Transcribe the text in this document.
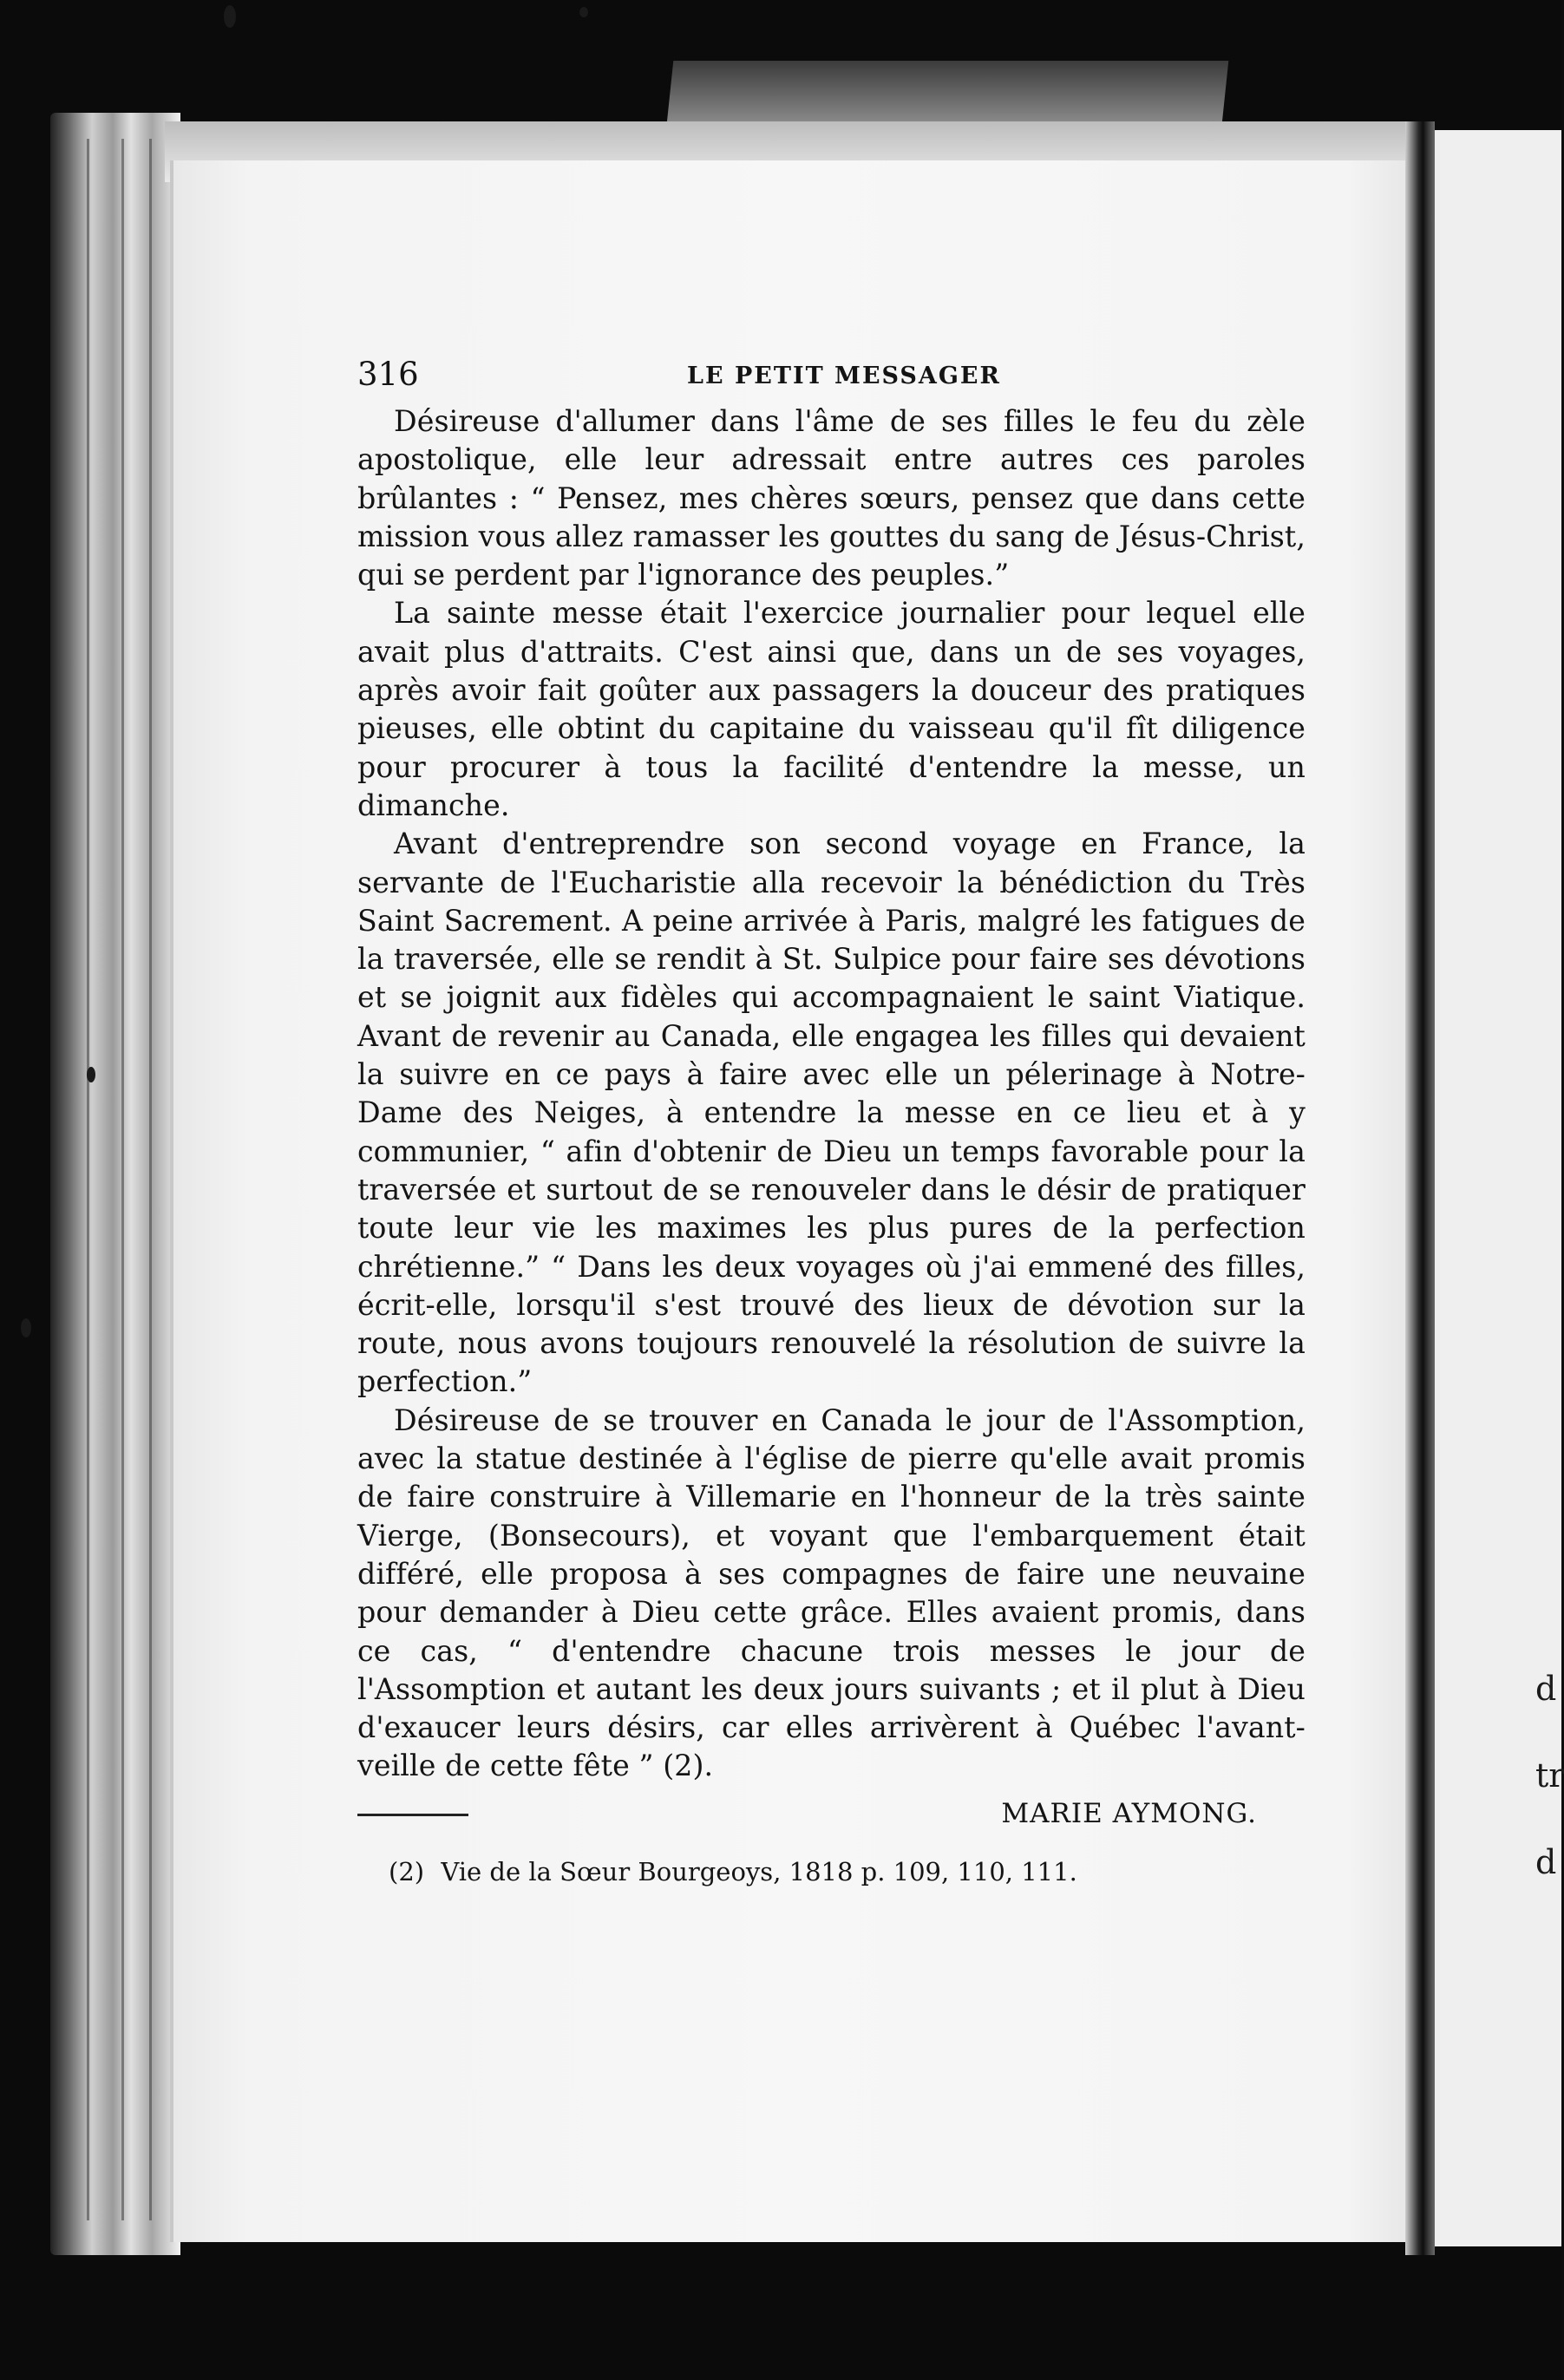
d
tr
d
316	LE PETIT MESSAGER

Désireuse d'allumer dans l'âme de ses filles le feu du zèle apostolique, elle leur adressait entre autres ces paroles brûlantes : “ Pensez, mes chères sœurs, pensez que dans cette mission vous allez ramasser les gouttes du sang de Jésus-Christ, qui se perdent par l'ignorance des peuples.”

La sainte messe était l'exercice journalier pour lequel elle avait plus d'attraits. C'est ainsi que, dans un de ses voyages, après avoir fait goûter aux passagers la douceur des pratiques pieuses, elle obtint du capitaine du vaisseau qu'il fît diligence pour procurer à tous la facilité d'entendre la messe, un dimanche.

Avant d'entreprendre son second voyage en France, la servante de l'Eucharistie alla recevoir la bénédiction du Très Saint Sacrement. A peine arrivée à Paris, malgré les fatigues de la traversée, elle se rendit à St. Sulpice pour faire ses dévotions et se joignit aux fidèles qui accompagnaient le saint Viatique. Avant de revenir au Canada, elle engagea les filles qui devaient la suivre en ce pays à faire avec elle un pélerinage à Notre-Dame des Neiges, à entendre la messe en ce lieu et à y communier, “ afin d'obtenir de Dieu un temps favorable pour la traversée et surtout de se renouveler dans le désir de pratiquer toute leur vie les maximes les plus pures de la perfection chrétienne.” “ Dans les deux voyages où j'ai emmené des filles, écrit-elle, lorsqu'il s'est trouvé des lieux de dévotion sur la route, nous avons toujours renouvelé la résolution de suivre la perfection.”

Désireuse de se trouver en Canada le jour de l'Assomption, avec la statue destinée à l'église de pierre qu'elle avait promis de faire construire à Villemarie en l'honneur de la très sainte Vierge, (Bonsecours), et voyant que l'embarquement était différé, elle proposa à ses compagnes de faire une neuvaine pour demander à Dieu cette grâce. Elles avaient promis, dans ce cas, “ d'entendre chacune trois messes le jour de l'Assomption et autant les deux jours suivants ; et il plut à Dieu d'exaucer leurs désirs, car elles arrivèrent à Québec l'avant-veille de cette fête ” (2).

MARIE AYMONG.

(2) Vie de la Sœur Bourgeoys, 1818 p. 109, 110, 111.
